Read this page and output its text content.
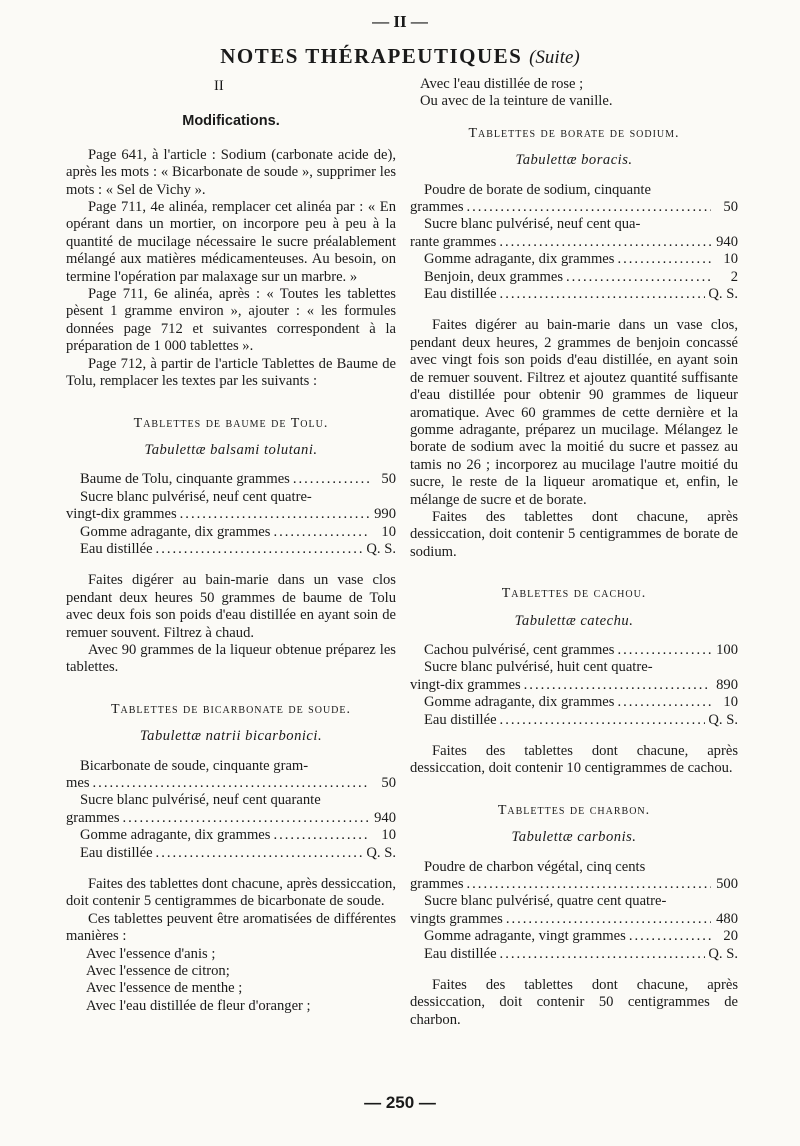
— II —
NOTES THÉRAPEUTIQUES (Suite)
II
Modifications.

Page 641, à l'article : Sodium (carbonate acide de), après les mots : « Bicarbonate de soude », supprimer les mots : « Sel de Vichy ».

Page 711, 4e alinéa, remplacer cet alinéa par : « En opérant dans un mortier, on incorpore peu à peu à la quantité de mucilage nécessaire le sucre préalablement mélangé aux matières médicamenteuses. Au besoin, on termine l'opération par malaxage sur un marbre. »

Page 711, 6e alinéa, après : « Toutes les tablettes pèsent 1 gramme environ », ajouter : « les formules données page 712 et suivantes correspondent à la préparation de 1 000 tablettes ».

Page 712, à partir de l'article Tablettes de Baume de Tolu, remplacer les textes par les suivants :

Tablettes de baume de Tolu.
Tabulettæ balsami tolutani.
Baume de Tolu, cinquante grammes .....	50
Sucre blanc pulvérisé, neuf cent quatre-
vingt-dix grammes .....	990
Gomme adragante, dix grammes .....	10
Eau distillée .....	Q. S.

Faites digérer au bain-marie dans un vase clos pendant deux heures 50 grammes de baume de Tolu avec deux fois son poids d'eau distillée en ayant soin de remuer souvent. Filtrez à chaud.

Avec 90 grammes de la liqueur obtenue préparez les tablettes.

Tablettes de bicarbonate de soude.
Tabulettæ natrii bicarbonici.
Bicarbonate de soude, cinquante gram-
mes .....	50
Sucre blanc pulvérisé, neuf cent quarante
grammes .....	940
Gomme adragante, dix grammes .....	10
Eau distillée .....	Q. S.

Faites des tablettes dont chacune, après dessiccation, doit contenir 5 centigrammes de bicarbonate de soude.

Ces tablettes peuvent être aromatisées de différentes manières :

Avec l'essence d'anis ;
Avec l'essence de citron;
Avec l'essence de menthe ;
Avec l'eau distillée de fleur d'oranger ;
Avec l'eau distillée de rose ;
Ou avec de la teinture de vanille.
Tablettes de borate de sodium.
Tabulettæ boracis.
Poudre de borate de sodium, cinquante
grammes .....	50
Sucre blanc pulvérisé, neuf cent qua-
rante grammes .....	940
Gomme adragante, dix grammes .....	10
Benjoin, deux grammes .....	2
Eau distillée .....	Q. S.

Faites digérer au bain-marie dans un vase clos, pendant deux heures, 2 grammes de benjoin concassé avec vingt fois son poids d'eau distillée, en ayant soin de remuer souvent. Filtrez et ajoutez quantité suffisante d'eau distillée pour obtenir 90 grammes de liqueur aromatique. Avec 60 grammes de cette dernière et la gomme adragante, préparez un mucilage. Mélangez le borate de sodium avec la moitié du sucre et passez au tamis no 26 ; incorporez au mucilage l'autre moitié du sucre, le reste de la liqueur aromatique et, enfin, le mélange de sucre et de borate.

Faites des tablettes dont chacune, après dessiccation, doit contenir 5 centigrammes de borate de sodium.

Tablettes de cachou.
Tabulettæ catechu.
Cachou pulvérisé, cent grammes .....	100
Sucre blanc pulvérisé, huit cent quatre-
vingt-dix grammes .....	890
Gomme adragante, dix grammes .....	10
Eau distillée .....	Q. S.

Faites des tablettes dont chacune, après dessiccation, doit contenir 10 centigrammes de cachou.

Tablettes de charbon.
Tabulettæ carbonis.
Poudre de charbon végétal, cinq cents
grammes .....	500
Sucre blanc pulvérisé, quatre cent quatre-
vingts grammes .....	480
Gomme adragante, vingt grammes .....	20
Eau distillée .....	Q. S.

Faites des tablettes dont chacune, après dessiccation, doit contenir 50 centigrammes de charbon.

— 250 —
